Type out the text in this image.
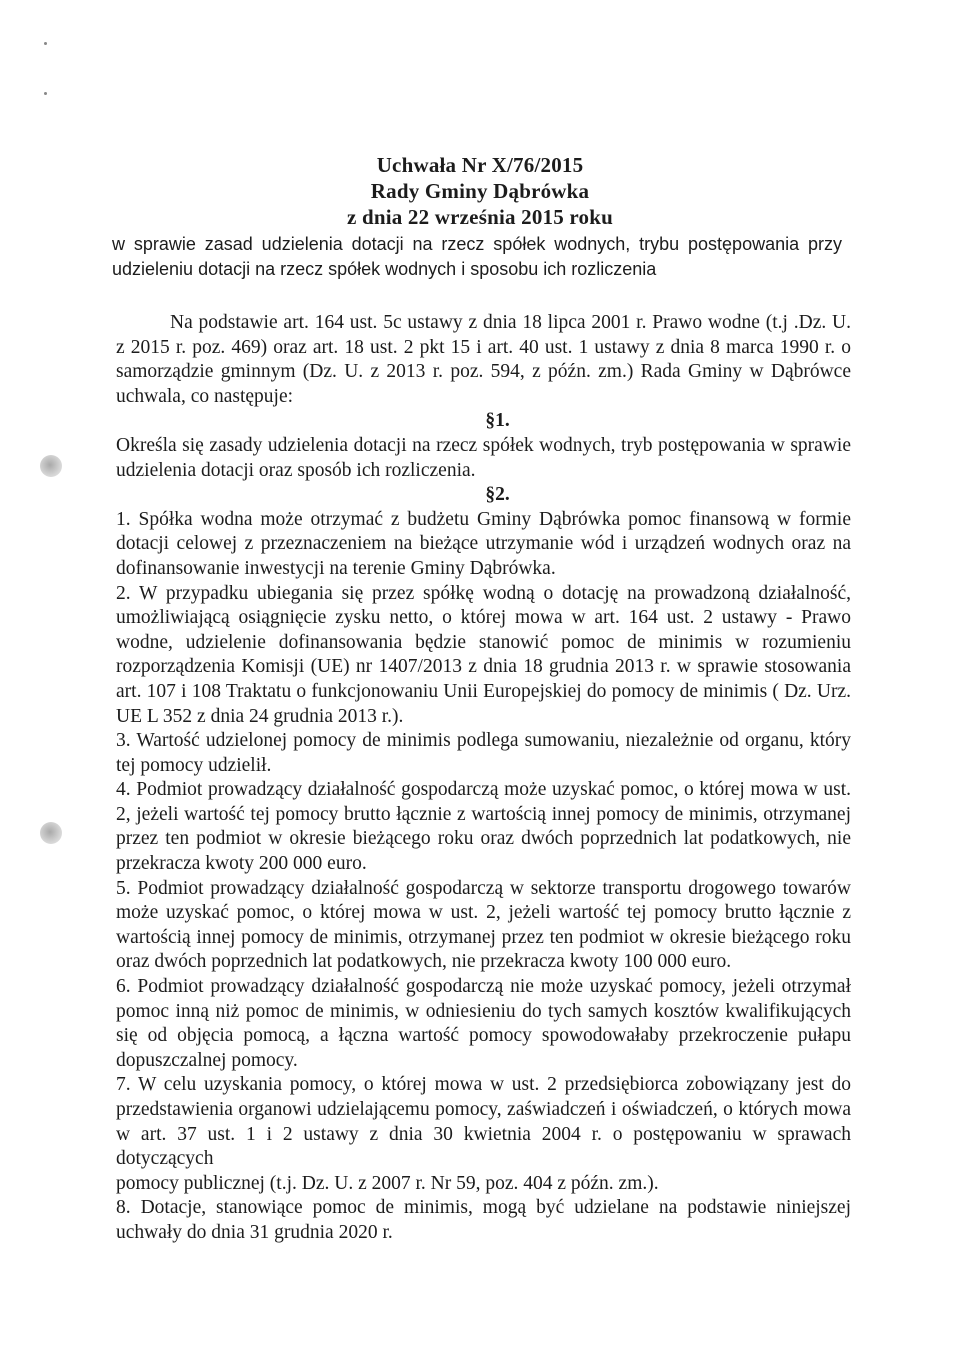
Uchwała Nr X/76/2015
Rady Gminy Dąbrówka
z dnia 22 września 2015 roku
w sprawie zasad udzielenia dotacji na rzecz spółek wodnych, trybu postępowania przy
udzieleniu dotacji na rzecz spółek wodnych i sposobu ich rozliczenia
Na podstawie art. 164 ust. 5c ustawy z dnia 18 lipca 2001 r. Prawo wodne (t.j .Dz. U.
z 2015 r. poz. 469) oraz art. 18 ust. 2 pkt 15 i art. 40 ust. 1 ustawy z dnia 8 marca 1990 r. o
samorządzie gminnym (Dz. U. z 2013 r. poz. 594, z późn. zm.) Rada Gminy w Dąbrówce
uchwala, co następuje:
§1.
Określa się zasady udzielenia dotacji na rzecz spółek wodnych, tryb postępowania w sprawie
udzielenia dotacji oraz sposób ich rozliczenia.
§2.
1. Spółka wodna może otrzymać z budżetu Gminy Dąbrówka pomoc finansową w formie
dotacji celowej z przeznaczeniem na bieżące utrzymanie wód i urządzeń wodnych oraz na
dofinansowanie inwestycji na terenie Gminy Dąbrówka.
2. W przypadku ubiegania się przez spółkę wodną o dotację na prowadzoną działalność,
umożliwiającą osiągnięcie zysku netto, o której mowa w art. 164 ust. 2 ustawy - Prawo
wodne, udzielenie dofinansowania będzie stanowić pomoc de minimis w rozumieniu
rozporządzenia Komisji (UE) nr 1407/2013 z dnia 18 grudnia 2013 r. w sprawie stosowania
art. 107 i 108 Traktatu o funkcjonowaniu Unii Europejskiej do pomocy de minimis ( Dz. Urz.
UE L 352 z dnia 24 grudnia 2013 r.).
3. Wartość udzielonej pomocy de minimis podlega sumowaniu, niezależnie od organu, który
tej pomocy udzielił.
4. Podmiot prowadzący działalność gospodarczą może uzyskać pomoc, o której mowa w ust.
2, jeżeli wartość tej pomocy brutto łącznie z wartością innej pomocy de minimis, otrzymanej
przez ten podmiot w okresie bieżącego roku oraz dwóch poprzednich lat podatkowych, nie
przekracza kwoty 200 000 euro.
5. Podmiot prowadzący działalność gospodarczą w sektorze transportu drogowego towarów
może uzyskać pomoc, o której mowa w ust. 2, jeżeli wartość tej pomocy brutto łącznie z
wartością innej pomocy de minimis, otrzymanej przez ten podmiot w okresie bieżącego roku
oraz dwóch poprzednich lat podatkowych, nie przekracza kwoty 100 000 euro.
6. Podmiot prowadzący działalność gospodarczą nie może uzyskać pomocy, jeżeli otrzymał
pomoc inną niż pomoc de minimis, w odniesieniu do tych samych kosztów kwalifikujących
się od objęcia pomocą, a łączna wartość pomocy spowodowałaby przekroczenie pułapu
dopuszczalnej pomocy.
7. W celu uzyskania pomocy, o której mowa w ust. 2 przedsiębiorca zobowiązany jest do
przedstawienia organowi udzielającemu pomocy, zaświadczeń i oświadczeń, o których mowa
w art. 37 ust. 1 i 2 ustawy z dnia 30 kwietnia 2004 r. o postępowaniu w sprawach dotyczących
pomocy publicznej (t.j. Dz. U. z 2007 r. Nr 59, poz. 404 z późn. zm.).
8. Dotacje, stanowiące pomoc de minimis, mogą być udzielane na podstawie niniejszej
uchwały do dnia 31 grudnia 2020 r.
